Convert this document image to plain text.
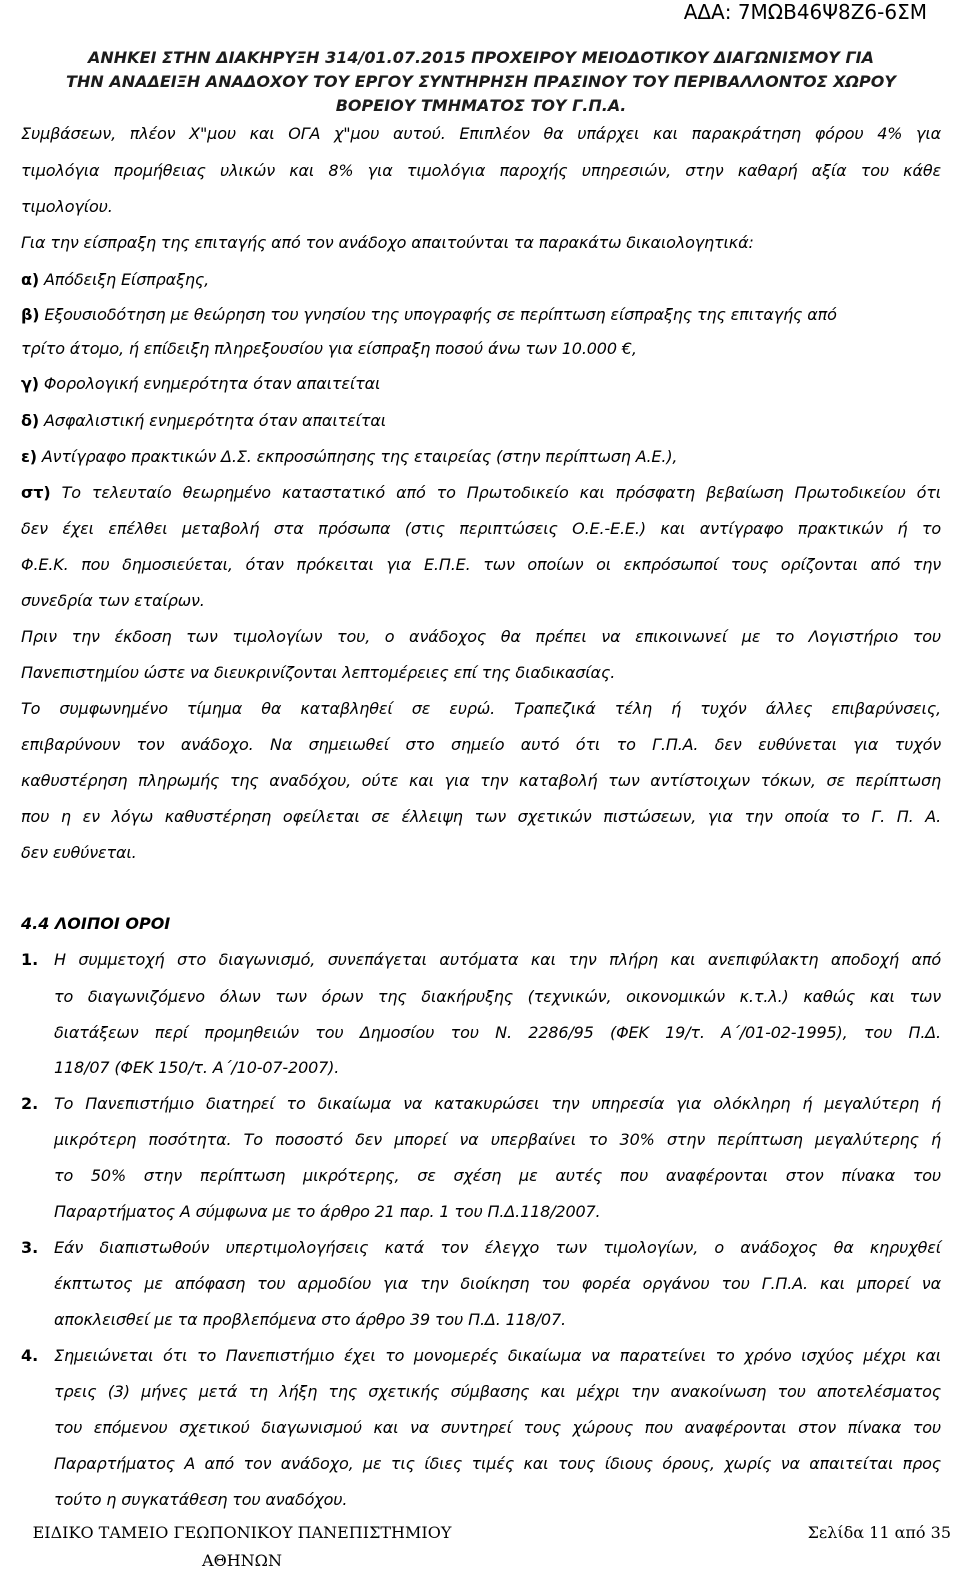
ΑΔΑ: 7ΜΩΒ46Ψ8Ζ6-6ΣΜ
ΑΝΗΚΕΙ ΣΤΗΝ ΔΙΑΚΗΡΥΞΗ 314/01.07.2015 ΠΡΟΧΕΙΡΟΥ ΜΕΙΟΔΟΤΙΚΟΥ ΔΙΑΓΩΝΙΣΜΟΥ ΓΙΑ
ΤΗΝ ΑΝΑΔΕΙΞΗ ΑΝΑΔΟΧΟΥ ΤΟΥ ΕΡΓΟΥ ΣΥΝΤΗΡΗΣΗ ΠΡΑΣΙΝΟΥ ΤΟΥ ΠΕΡΙΒΑΛΛΟΝΤΟΣ ΧΩΡΟΥ
ΒΟΡΕΙΟΥ ΤΜΗΜΑΤΟΣ ΤΟΥ Γ.Π.Α.
Συμβάσεων, πλέον Χ"μου και ΟΓΑ χ"μου αυτού. Επιπλέον θα υπάρχει και παρακράτηση φόρου 4% για
τιμολόγια προμήθειας υλικών και 8% για τιμολόγια παροχής υπηρεσιών, στην καθαρή αξία του κάθε
τιμολογίου.
Για την είσπραξη της επιταγής από τον ανάδοχο απαιτούνται τα παρακάτω δικαιολογητικά:
α) Απόδειξη Είσπραξης,
β) Εξουσιοδότηση με θεώρηση του γνησίου της υπογραφής σε περίπτωση είσπραξης της επιταγής από
τρίτο άτομο, ή επίδειξη πληρεξουσίου για είσπραξη ποσού άνω των 10.000 €,
γ) Φορολογική ενημερότητα όταν απαιτείται
δ) Ασφαλιστική ενημερότητα όταν απαιτείται
ε) Αντίγραφο πρακτικών Δ.Σ. εκπροσώπησης της εταιρείας (στην περίπτωση Α.Ε.),
στ) Το τελευταίο θεωρημένο καταστατικό από το Πρωτοδικείο και πρόσφατη βεβαίωση Πρωτοδικείου ότι
δεν έχει επέλθει μεταβολή στα πρόσωπα (στις περιπτώσεις Ο.Ε.-Ε.Ε.) και αντίγραφο πρακτικών ή το
Φ.Ε.Κ. που δημοσιεύεται, όταν πρόκειται για Ε.Π.Ε. των οποίων οι εκπρόσωποί τους ορίζονται από την
συνεδρία των εταίρων.
Πριν την έκδοση των τιμολογίων του, ο ανάδοχος θα πρέπει να επικοινωνεί με το Λογιστήριο του
Πανεπιστημίου ώστε να διευκρινίζονται λεπτομέρειες επί της διαδικασίας.
Το συμφωνημένο τίμημα θα καταβληθεί σε ευρώ. Τραπεζικά τέλη ή τυχόν άλλες επιβαρύνσεις,
επιβαρύνουν τον ανάδοχο. Να σημειωθεί στο σημείο αυτό ότι το Γ.Π.Α. δεν ευθύνεται για τυχόν
καθυστέρηση πληρωμής της αναδόχου, ούτε και για την καταβολή των αντίστοιχων τόκων, σε περίπτωση
που η εν λόγω καθυστέρηση οφείλεται σε έλλειψη των σχετικών πιστώσεων, για την οποία το Γ. Π. Α.
δεν ευθύνεται.
4.4 ΛΟΙΠΟΙ ΟΡΟΙ
1. Η συμμετοχή στο διαγωνισμό, συνεπάγεται αυτόματα και την πλήρη και ανεπιφύλακτη αποδοχή από
το διαγωνιζόμενο όλων των όρων της διακήρυξης (τεχνικών, οικονομικών κ.τ.λ.) καθώς και των
διατάξεων περί προμηθειών του Δημοσίου του Ν. 2286/95 (ΦΕΚ 19/τ. Α΄/01-02-1995), του Π.Δ.
118/07 (ΦΕΚ 150/τ. Α΄/10-07-2007).
2. Το Πανεπιστήμιο διατηρεί το δικαίωμα να κατακυρώσει την υπηρεσία για ολόκληρη ή μεγαλύτερη ή
μικρότερη ποσότητα. Το ποσοστό δεν μπορεί να υπερβαίνει το 30% στην περίπτωση μεγαλύτερης ή
το 50% στην περίπτωση μικρότερης, σε σχέση με αυτές που αναφέρονται στον πίνακα του
Παραρτήματος Α σύμφωνα με το άρθρο 21 παρ. 1 του Π.Δ.118/2007.
3. Εάν διαπιστωθούν υπερτιμολογήσεις κατά τον έλεγχο των τιμολογίων, ο ανάδοχος θα κηρυχθεί
έκπτωτος με απόφαση του αρμοδίου για την διοίκηση του φορέα οργάνου του Γ.Π.Α. και μπορεί να
αποκλεισθεί με τα προβλεπόμενα στο άρθρο 39 του Π.Δ. 118/07.
4. Σημειώνεται ότι το Πανεπιστήμιο έχει το μονομερές δικαίωμα να παρατείνει το χρόνο ισχύος μέχρι και
τρεις (3) μήνες μετά τη λήξη της σχετικής σύμβασης και μέχρι την ανακοίνωση του αποτελέσματος
του επόμενου σχετικού διαγωνισμού και να συντηρεί τους χώρους που αναφέρονται στον πίνακα του
Παραρτήματος Α από τον ανάδοχο, με τις ίδιες τιμές και τους ίδιους όρους, χωρίς να απαιτείται προς
τούτο η συγκατάθεση του αναδόχου.
ΕΙΔΙΚΟ ΤΑΜΕΙΟ ΓΕΩΠΟΝΙΚΟΥ ΠΑΝΕΠΙΣΤΗΜΙΟΥ
ΑΘΗΝΩΝ
Σελίδα 11 από 35
